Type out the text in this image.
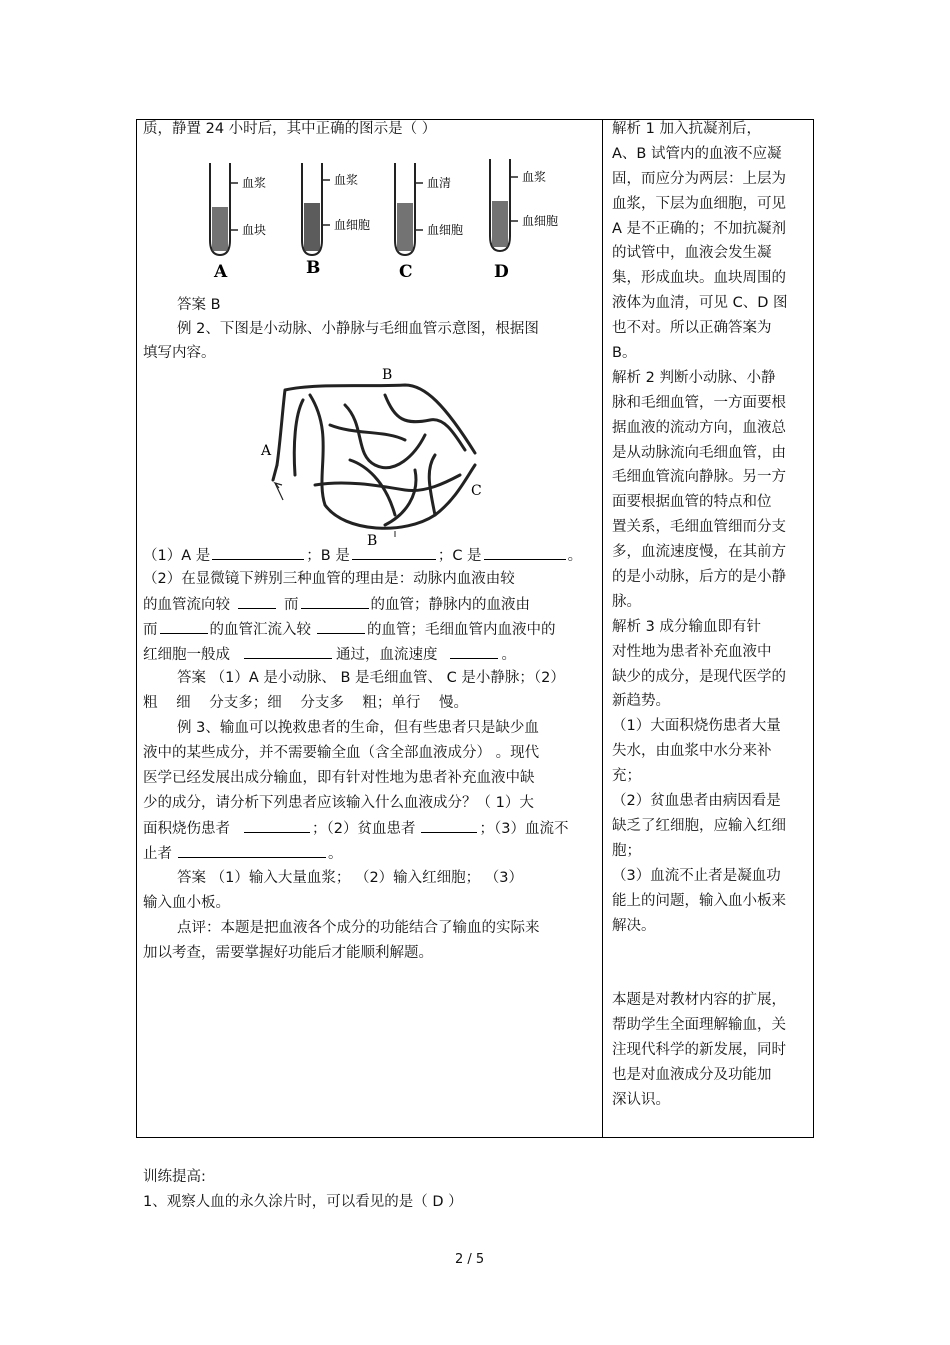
质，静置 24 小时后，其中正确的图示是（ ）
血浆
血块
A
血浆
血细胞
B
血清
血细胞
C
血浆
血细胞
D
答案 B
例 2、下图是小动脉、小静脉与毛细血管示意图，根据图
填写内容。
A
B
B
C
（1）A 是	；B 是	；C 是	。
（2）在显微镜下辨别三种血管的理由是：动脉内血液由较
的血管流向较	而	的血管；静脉内的血液由
而	的血管汇流入较	的血管；毛细血管内血液中的
红细胞一般成	通过，血流速度	。
答案 （1）A 是小动脉、 B 是毛细血管、 C 是小静脉；（2）
粗 细 分支多；细 分支多 粗；单行 慢。
例 3、输血可以挽救患者的生命，但有些患者只是缺少血
液中的某些成分，并不需要输全血（含全部血液成分） 。现代
医学已经发展出成分输血，即有针对性地为患者补充血液中缺
少的成分，请分析下列患者应该输入什么血液成分？（ 1）大
面积烧伤患者	；（2）贫血患者	；（3）血流不
止者	。
答案 （1）输入大量血浆； （2）输入红细胞； （3）
输入血小板。
点评：本题是把血液各个成分的功能结合了输血的实际来
加以考查，需要掌握好功能后才能顺利解题。
解析 1 加入抗凝剂后，
A、B 试管内的血液不应凝
固，而应分为两层：上层为
血浆，下层为血细胞，可见
A 是不正确的；不加抗凝剂
的试管中，血液会发生凝
集，形成血块。血块周围的
液体为血清，可见 C、D 图
也不对。所以正确答案为
B。
解析 2 判断小动脉、小静
脉和毛细血管，一方面要根
据血液的流动方向，血液总
是从动脉流向毛细血管，由
毛细血管流向静脉。另一方
面要根据血管的特点和位
置关系，毛细血管细而分支
多，血流速度慢，在其前方
的是小动脉，后方的是小静
脉。
解析 3 成分输血即有针
对性地为患者补充血液中
缺少的成分，是现代医学的
新趋势。
（1）大面积烧伤患者大量
失水，由血浆中水分来补
充；
（2）贫血患者由病因看是
缺乏了红细胞，应输入红细
胞；
（3）血流不止者是凝血功
能上的问题，输入血小板来
解决。
本题是对教材内容的扩展，
帮助学生全面理解输血，关
注现代科学的新发展，同时
也是对血液成分及功能加
深认识。
训练提高:
1、观察人血的永久涂片时，可以看见的是（ D ）
2 / 5
